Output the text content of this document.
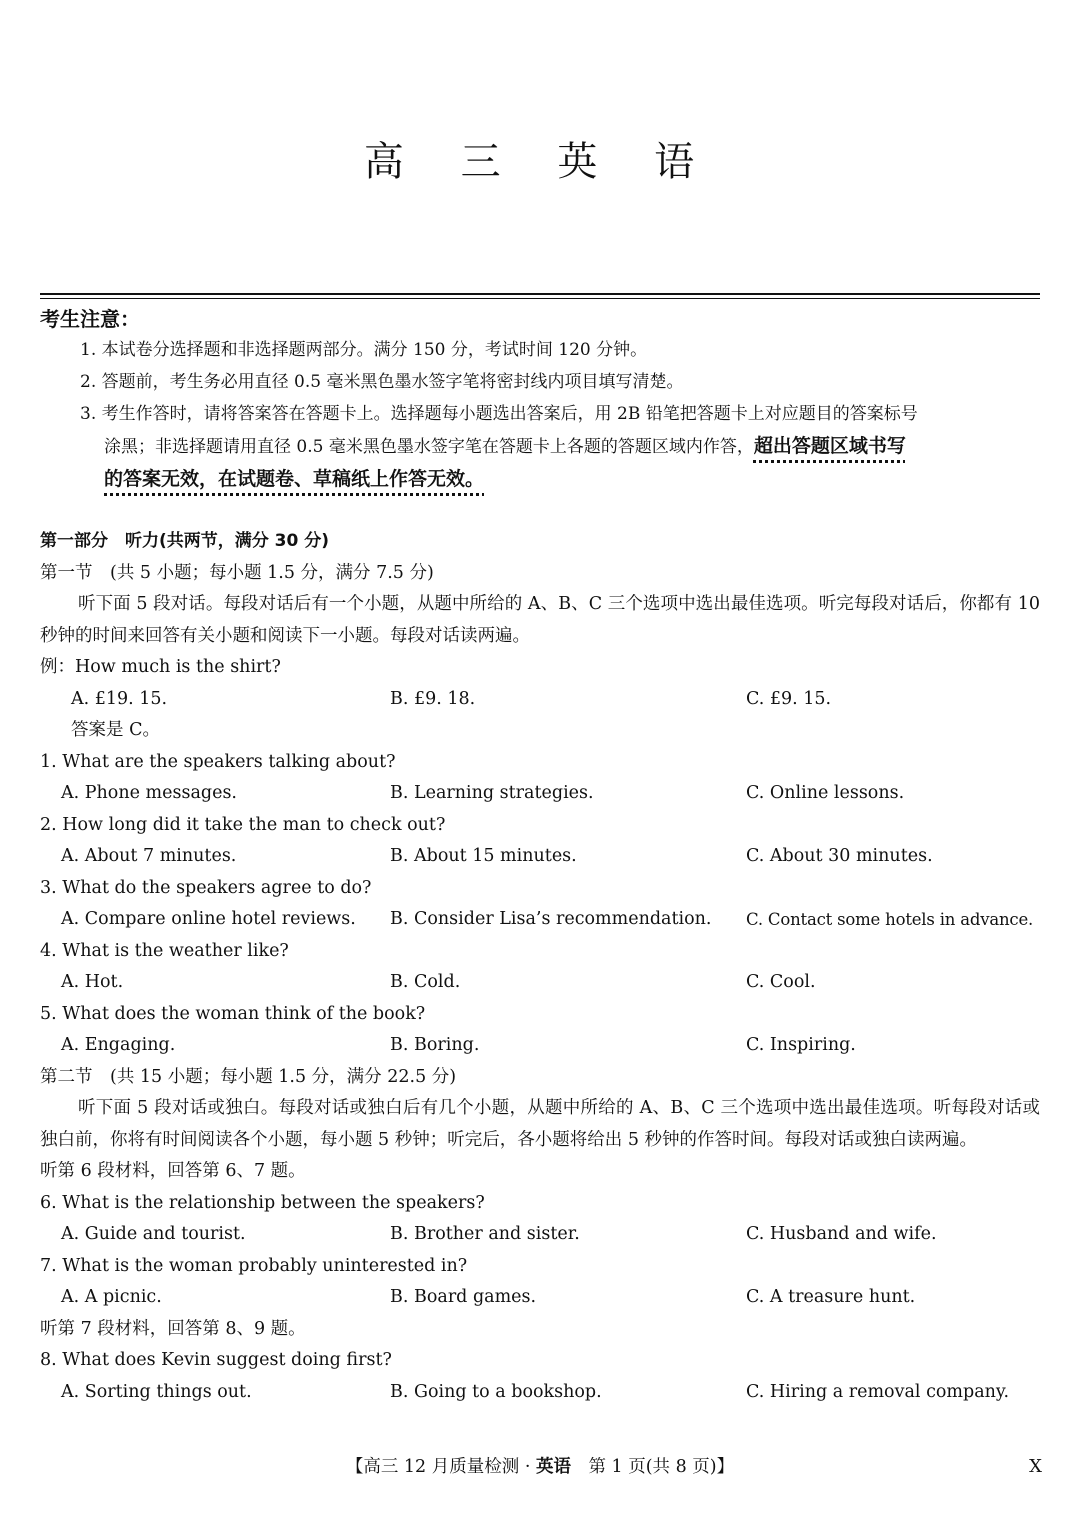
高 三 英 语
考生注意：
1. 本试卷分选择题和非选择题两部分。满分 150 分，考试时间 120 分钟。
2. 答题前，考生务必用直径 0.5 毫米黑色墨水签字笔将密封线内项目填写清楚。
3. 考生作答时，请将答案答在答题卡上。选择题每小题选出答案后，用 2B 铅笔把答题卡上对应题目的答案标号
涂黑；非选择题请用直径 0.5 毫米黑色墨水签字笔在答题卡上各题的答题区域内作答，超出答题区域书写
的答案无效，在试题卷、草稿纸上作答无效。
第一部分　听力(共两节，满分 30 分)
第一节　(共 5 小题；每小题 1.5 分，满分 7.5 分)
听下面 5 段对话。每段对话后有一个小题，从题中所给的 A、B、C 三个选项中选出最佳选项。听完每段对话后，你都有 10 秒钟的时间来回答有关小题和阅读下一小题。每段对话读两遍。
例：How much is the shirt?
A. £19. 15.	B. £9. 18.	C. £9. 15.
答案是 C。
1. What are the speakers talking about?
A. Phone messages.	B. Learning strategies.	C. Online lessons.
2. How long did it take the man to check out?
A. About 7 minutes.	B. About 15 minutes.	C. About 30 minutes.
3. What do the speakers agree to do?
A. Compare online hotel reviews. B. Consider Lisa’s recommendation. C. Contact some hotels in advance.
4. What is the weather like?
A. Hot.	B. Cold.	C. Cool.
5. What does the woman think of the book?
A. Engaging.	B. Boring.	C. Inspiring.
第二节　(共 15 小题；每小题 1.5 分，满分 22.5 分)
听下面 5 段对话或独白。每段对话或独白后有几个小题，从题中所给的 A、B、C 三个选项中选出最佳选项。听每段对话或独白前，你将有时间阅读各个小题，每小题 5 秒钟；听完后，各小题将给出 5 秒钟的作答时间。每段对话或独白读两遍。
听第 6 段材料，回答第 6、7 题。
6. What is the relationship between the speakers?
A. Guide and tourist.	B. Brother and sister.	C. Husband and wife.
7. What is the woman probably uninterested in?
A. A picnic.	B. Board games.	C. A treasure hunt.
听第 7 段材料，回答第 8、9 题。
8. What does Kevin suggest doing first?
A. Sorting things out.	B. Going to a bookshop.	C. Hiring a removal company.
【高三 12 月质量检测 · 英语　第 1 页(共 8 页)】	X
